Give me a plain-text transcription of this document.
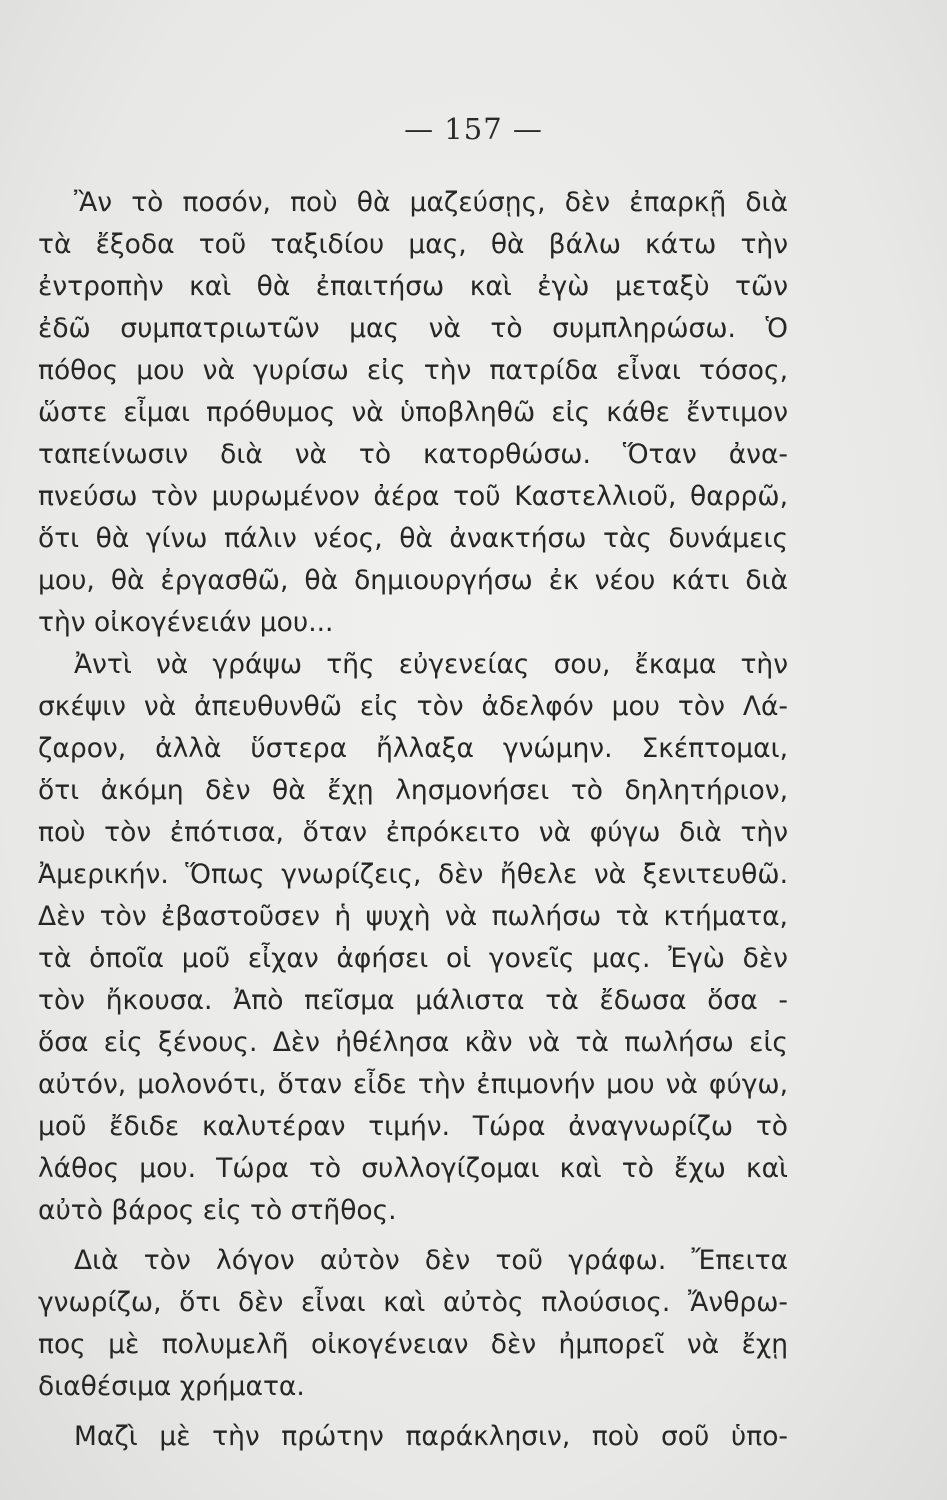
— 157 —
Ἂν τὸ ποσόν, ποὺ θὰ μαζεύσῃς, δὲν ἐπαρκῇ διὰ
τὰ ἔξοδα τοῦ ταξιδίου μας, θὰ βάλω κάτω τὴν
ἐντροπὴν καὶ θὰ ἐπαιτήσω καὶ ἐγὼ μεταξὺ τῶν
ἐδῶ συμπατριωτῶν μας νὰ τὸ συμπληρώσω. Ὁ
πόθος μου νὰ γυρίσω εἰς τὴν πατρίδα εἶναι τόσος,
ὥστε εἶμαι πρόθυμος νὰ ὑποβληθῶ εἰς κάθε ἔντιμον
ταπείνωσιν διὰ νὰ τὸ κατορθώσω. Ὅταν ἀνα-
πνεύσω τὸν μυρωμένον ἀέρα τοῦ Καστελλιοῦ, θαρρῶ,
ὅτι θὰ γίνω πάλιν νέος, θὰ ἀνακτήσω τὰς δυνάμεις
μου, θὰ ἐργασθῶ, θὰ δημιουργήσω ἐκ νέου κάτι διὰ
τὴν οἰκογένειάν μου...
Ἀντὶ νὰ γράψω τῆς εὐγενείας σου, ἔκαμα τὴν
σκέψιν νὰ ἀπευθυνθῶ εἰς τὸν ἀδελφόν μου τὸν Λά-
ζαρον, ἀλλὰ ὕστερα ἤλλαξα γνώμην. Σκέπτομαι,
ὅτι ἀκόμη δὲν θὰ ἔχῃ λησμονήσει τὸ δηλητήριον,
ποὺ τὸν ἐπότισα, ὅταν ἐπρόκειτο νὰ φύγω διὰ τὴν
Ἀμερικήν. Ὅπως γνωρίζεις, δὲν ἤθελε νὰ ξενιτευθῶ.
Δὲν τὸν ἐβαστοῦσεν ἡ ψυχὴ νὰ πωλήσω τὰ κτήματα,
τὰ ὁποῖα μοῦ εἶχαν ἀφήσει οἱ γονεῖς μας. Ἐγὼ δὲν
τὸν ἤκουσα. Ἀπὸ πεῖσμα μάλιστα τὰ ἔδωσα ὅσα -
ὅσα εἰς ξένους. Δὲν ἠθέλησα κἂν νὰ τὰ πωλήσω εἰς
αὐτόν, μολονότι, ὅταν εἶδε τὴν ἐπιμονήν μου νὰ φύγω,
μοῦ ἔδιδε καλυτέραν τιμήν. Τώρα ἀναγνωρίζω τὸ
λάθος μου. Τώρα τὸ συλλογίζομαι καὶ τὸ ἔχω καὶ
αὐτὸ βάρος εἰς τὸ στῆθος.
Διὰ τὸν λόγον αὐτὸν δὲν τοῦ γράφω. Ἔπειτα
γνωρίζω, ὅτι δὲν εἶναι καὶ αὐτὸς πλούσιος. Ἄνθρω-
πος μὲ πολυμελῆ οἰκογένειαν δὲν ἠμπορεῖ νὰ ἔχῃ
διαθέσιμα χρήματα.
Μαζὶ μὲ τὴν πρώτην παράκλησιν, ποὺ σοῦ ὑπο-
